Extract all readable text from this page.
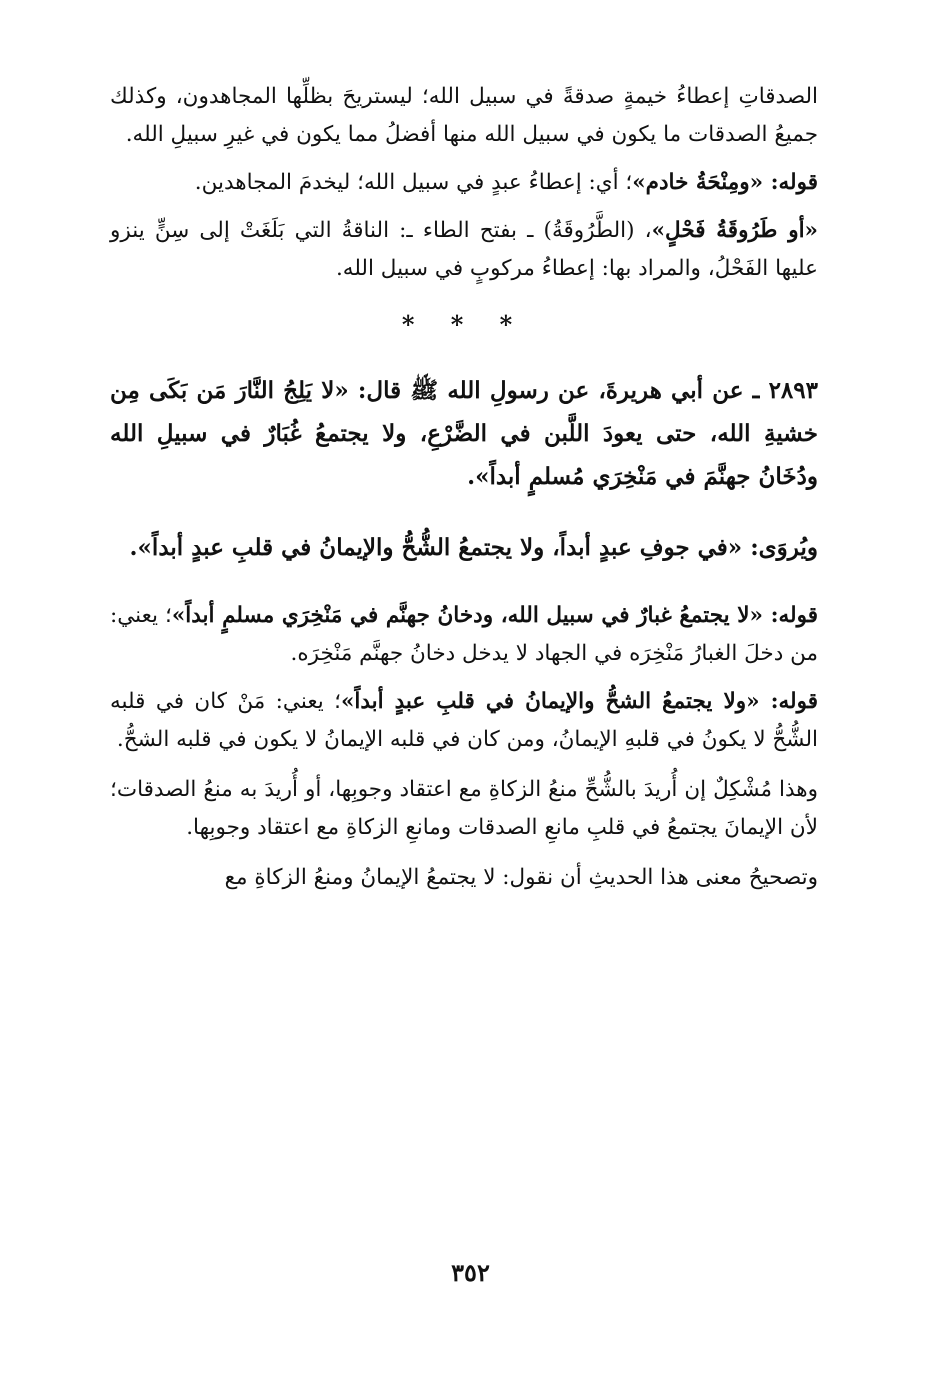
الصدقاتِ إعطاءُ خيمةٍ صدقةً في سبيل الله؛ ليستريحَ بظلِّها المجاهدون، وكذلك جميعُ الصدقات ما يكون في سبيل الله منها أفضلُ مما يكون في غيرِ سبيلِ الله.

قوله: «ومِنْحَةُ خادم»؛ أي: إعطاءُ عبدٍ في سبيل الله؛ ليخدمَ المجاهدين.

«أو طَرُوقَةُ فَحْلٍ»، (الطَّرُوقَةُ) ـ بفتح الطاء ـ: الناقةُ التي بَلَغَتْ إلى سِنٍّ ينزو عليها الفَحْلُ، والمراد بها: إعطاءُ مركوبٍ في سبيل الله.

* * *

٢٨٩٣ ـ عن أبي هريرةَ، عن رسولِ الله ﷺ قال: «لا يَلِجُ النَّارَ مَن بَكَى مِن خشيةِ الله، حتى يعودَ اللَّبن في الضَّرْعِ، ولا يجتمعُ غُبَارٌ في سبيلِ الله ودُخَانُ جهنَّمَ في مَنْخِرَي مُسلمٍ أبداً».

ويُروَى: «في جوفِ عبدٍ أبداً، ولا يجتمعُ الشُّحُّ والإيمانُ في قلبِ عبدٍ أبداً».

قوله: «لا يجتمعُ غبارٌ في سبيل الله، ودخانُ جهنَّم في مَنْخِرَي مسلمٍ أبداً»؛ يعني: من دخلَ الغبارُ مَنْخِرَه في الجهاد لا يدخل دخانُ جهنَّم مَنْخِرَه.

قوله: «ولا يجتمعُ الشحُّ والإيمانُ في قلبِ عبدٍ أبداً»؛ يعني: مَنْ كان في قلبه الشُّحُّ لا يكونُ في قلبهِ الإيمانُ، ومن كان في قلبه الإيمانُ لا يكون في قلبه الشحُّ.

وهذا مُشْكِلٌ إن أُريدَ بالشُّحِّ منعُ الزكاةِ مع اعتقاد وجوبِها، أو أُريدَ به منعُ الصدقات؛ لأن الإيمانَ يجتمعُ في قلبِ مانعِ الصدقات ومانعِ الزكاةِ مع اعتقاد وجوبِها.

وتصحيحُ معنى هذا الحديثِ أن نقول: لا يجتمعُ الإيمانُ ومنعُ الزكاةِ مع

٣٥٢
